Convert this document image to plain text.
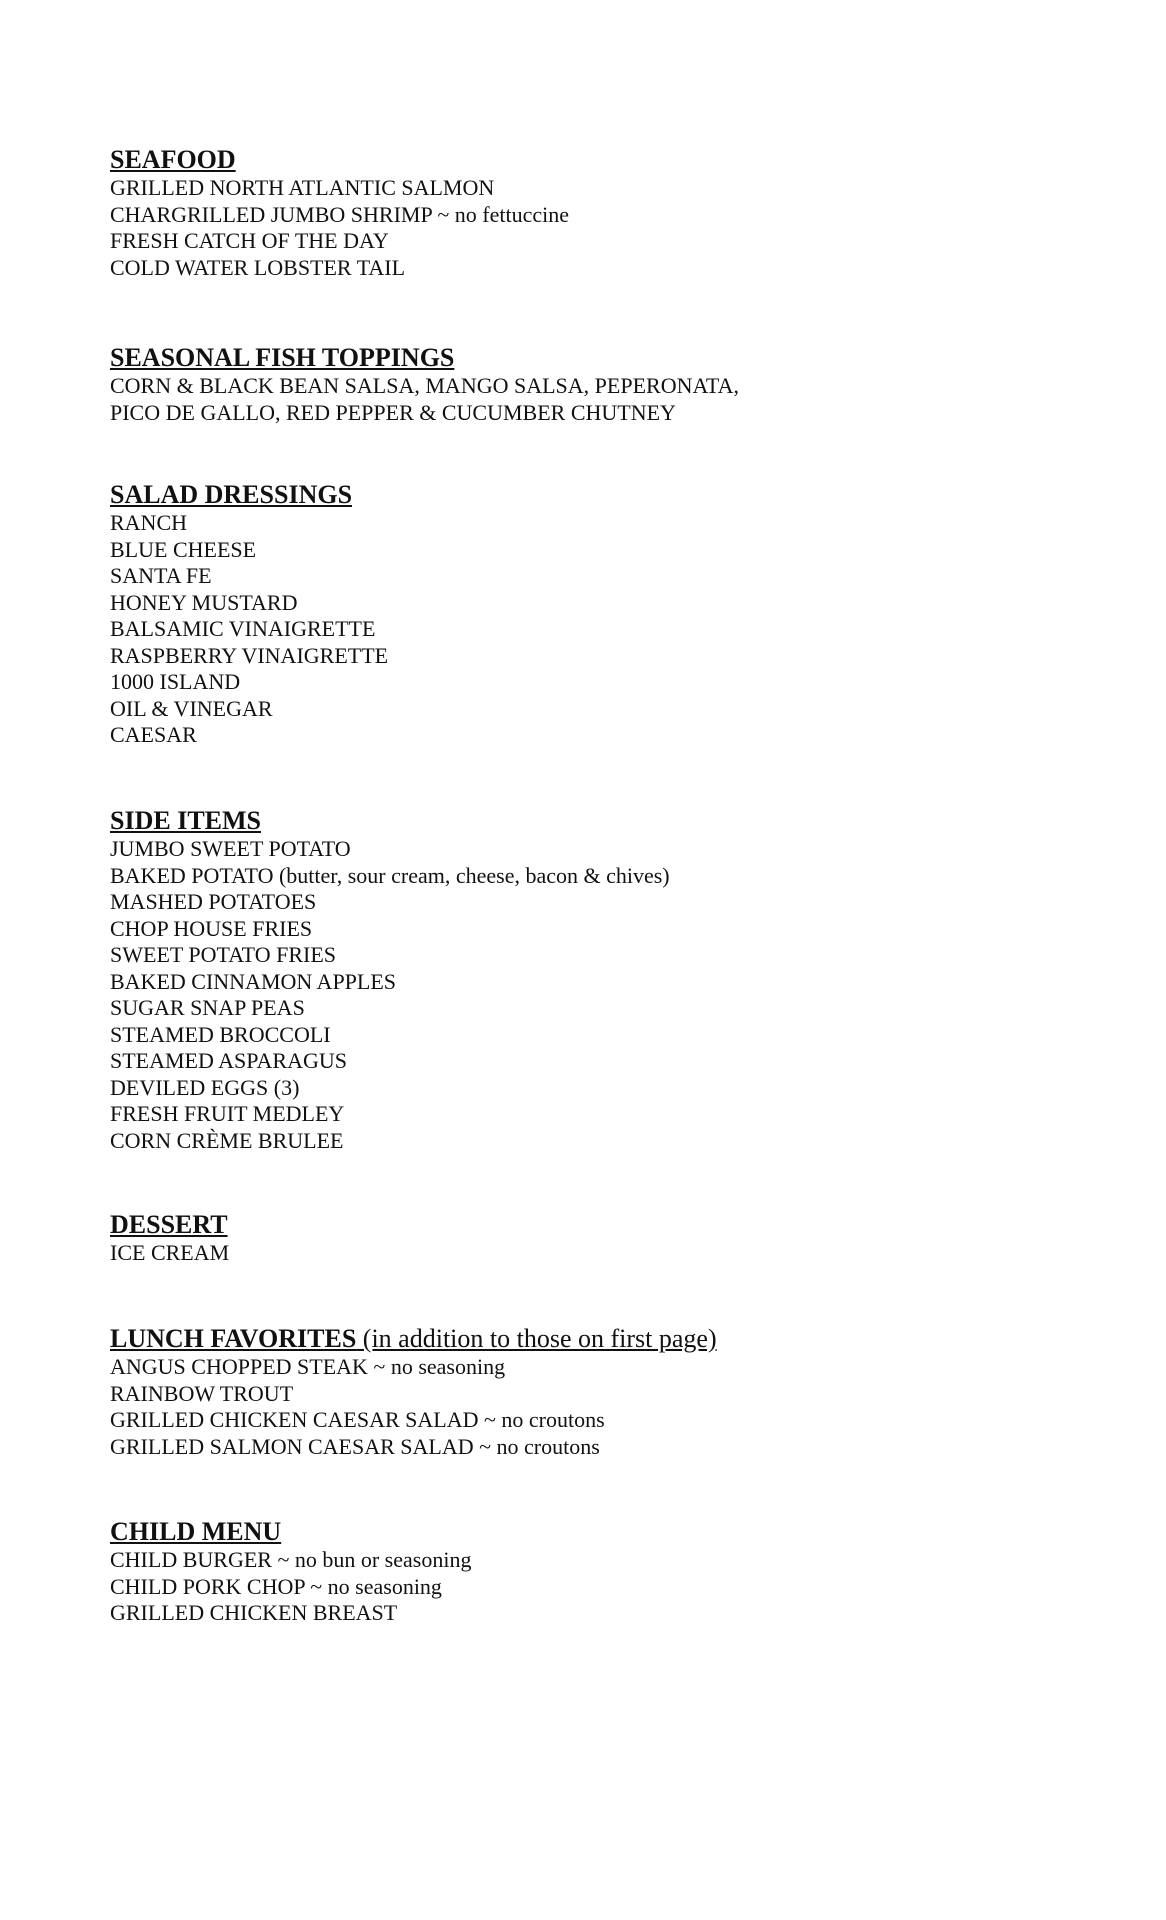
SEAFOOD
GRILLED NORTH ATLANTIC SALMON
CHARGRILLED JUMBO SHRIMP ~ no fettuccine
FRESH CATCH OF THE DAY
COLD WATER LOBSTER TAIL
SEASONAL FISH TOPPINGS
CORN & BLACK BEAN SALSA, MANGO SALSA, PEPERONATA,
PICO DE GALLO, RED PEPPER & CUCUMBER CHUTNEY
SALAD DRESSINGS
RANCH
BLUE CHEESE
SANTA FE
HONEY MUSTARD
BALSAMIC VINAIGRETTE
RASPBERRY VINAIGRETTE
1000 ISLAND
OIL & VINEGAR
CAESAR
SIDE ITEMS
JUMBO SWEET POTATO
BAKED POTATO (butter, sour cream, cheese, bacon & chives)
MASHED POTATOES
CHOP HOUSE FRIES
SWEET POTATO FRIES
BAKED CINNAMON APPLES
SUGAR SNAP PEAS
STEAMED BROCCOLI
STEAMED ASPARAGUS
DEVILED EGGS (3)
FRESH FRUIT MEDLEY
CORN CRÈME BRULEE
DESSERT
ICE CREAM
LUNCH FAVORITES (in addition to those on first page)
ANGUS CHOPPED STEAK ~ no seasoning
RAINBOW TROUT
GRILLED CHICKEN CAESAR SALAD ~ no croutons
GRILLED SALMON CAESAR SALAD ~ no croutons
CHILD MENU
CHILD BURGER ~ no bun or seasoning
CHILD PORK CHOP ~ no seasoning
GRILLED CHICKEN BREAST
